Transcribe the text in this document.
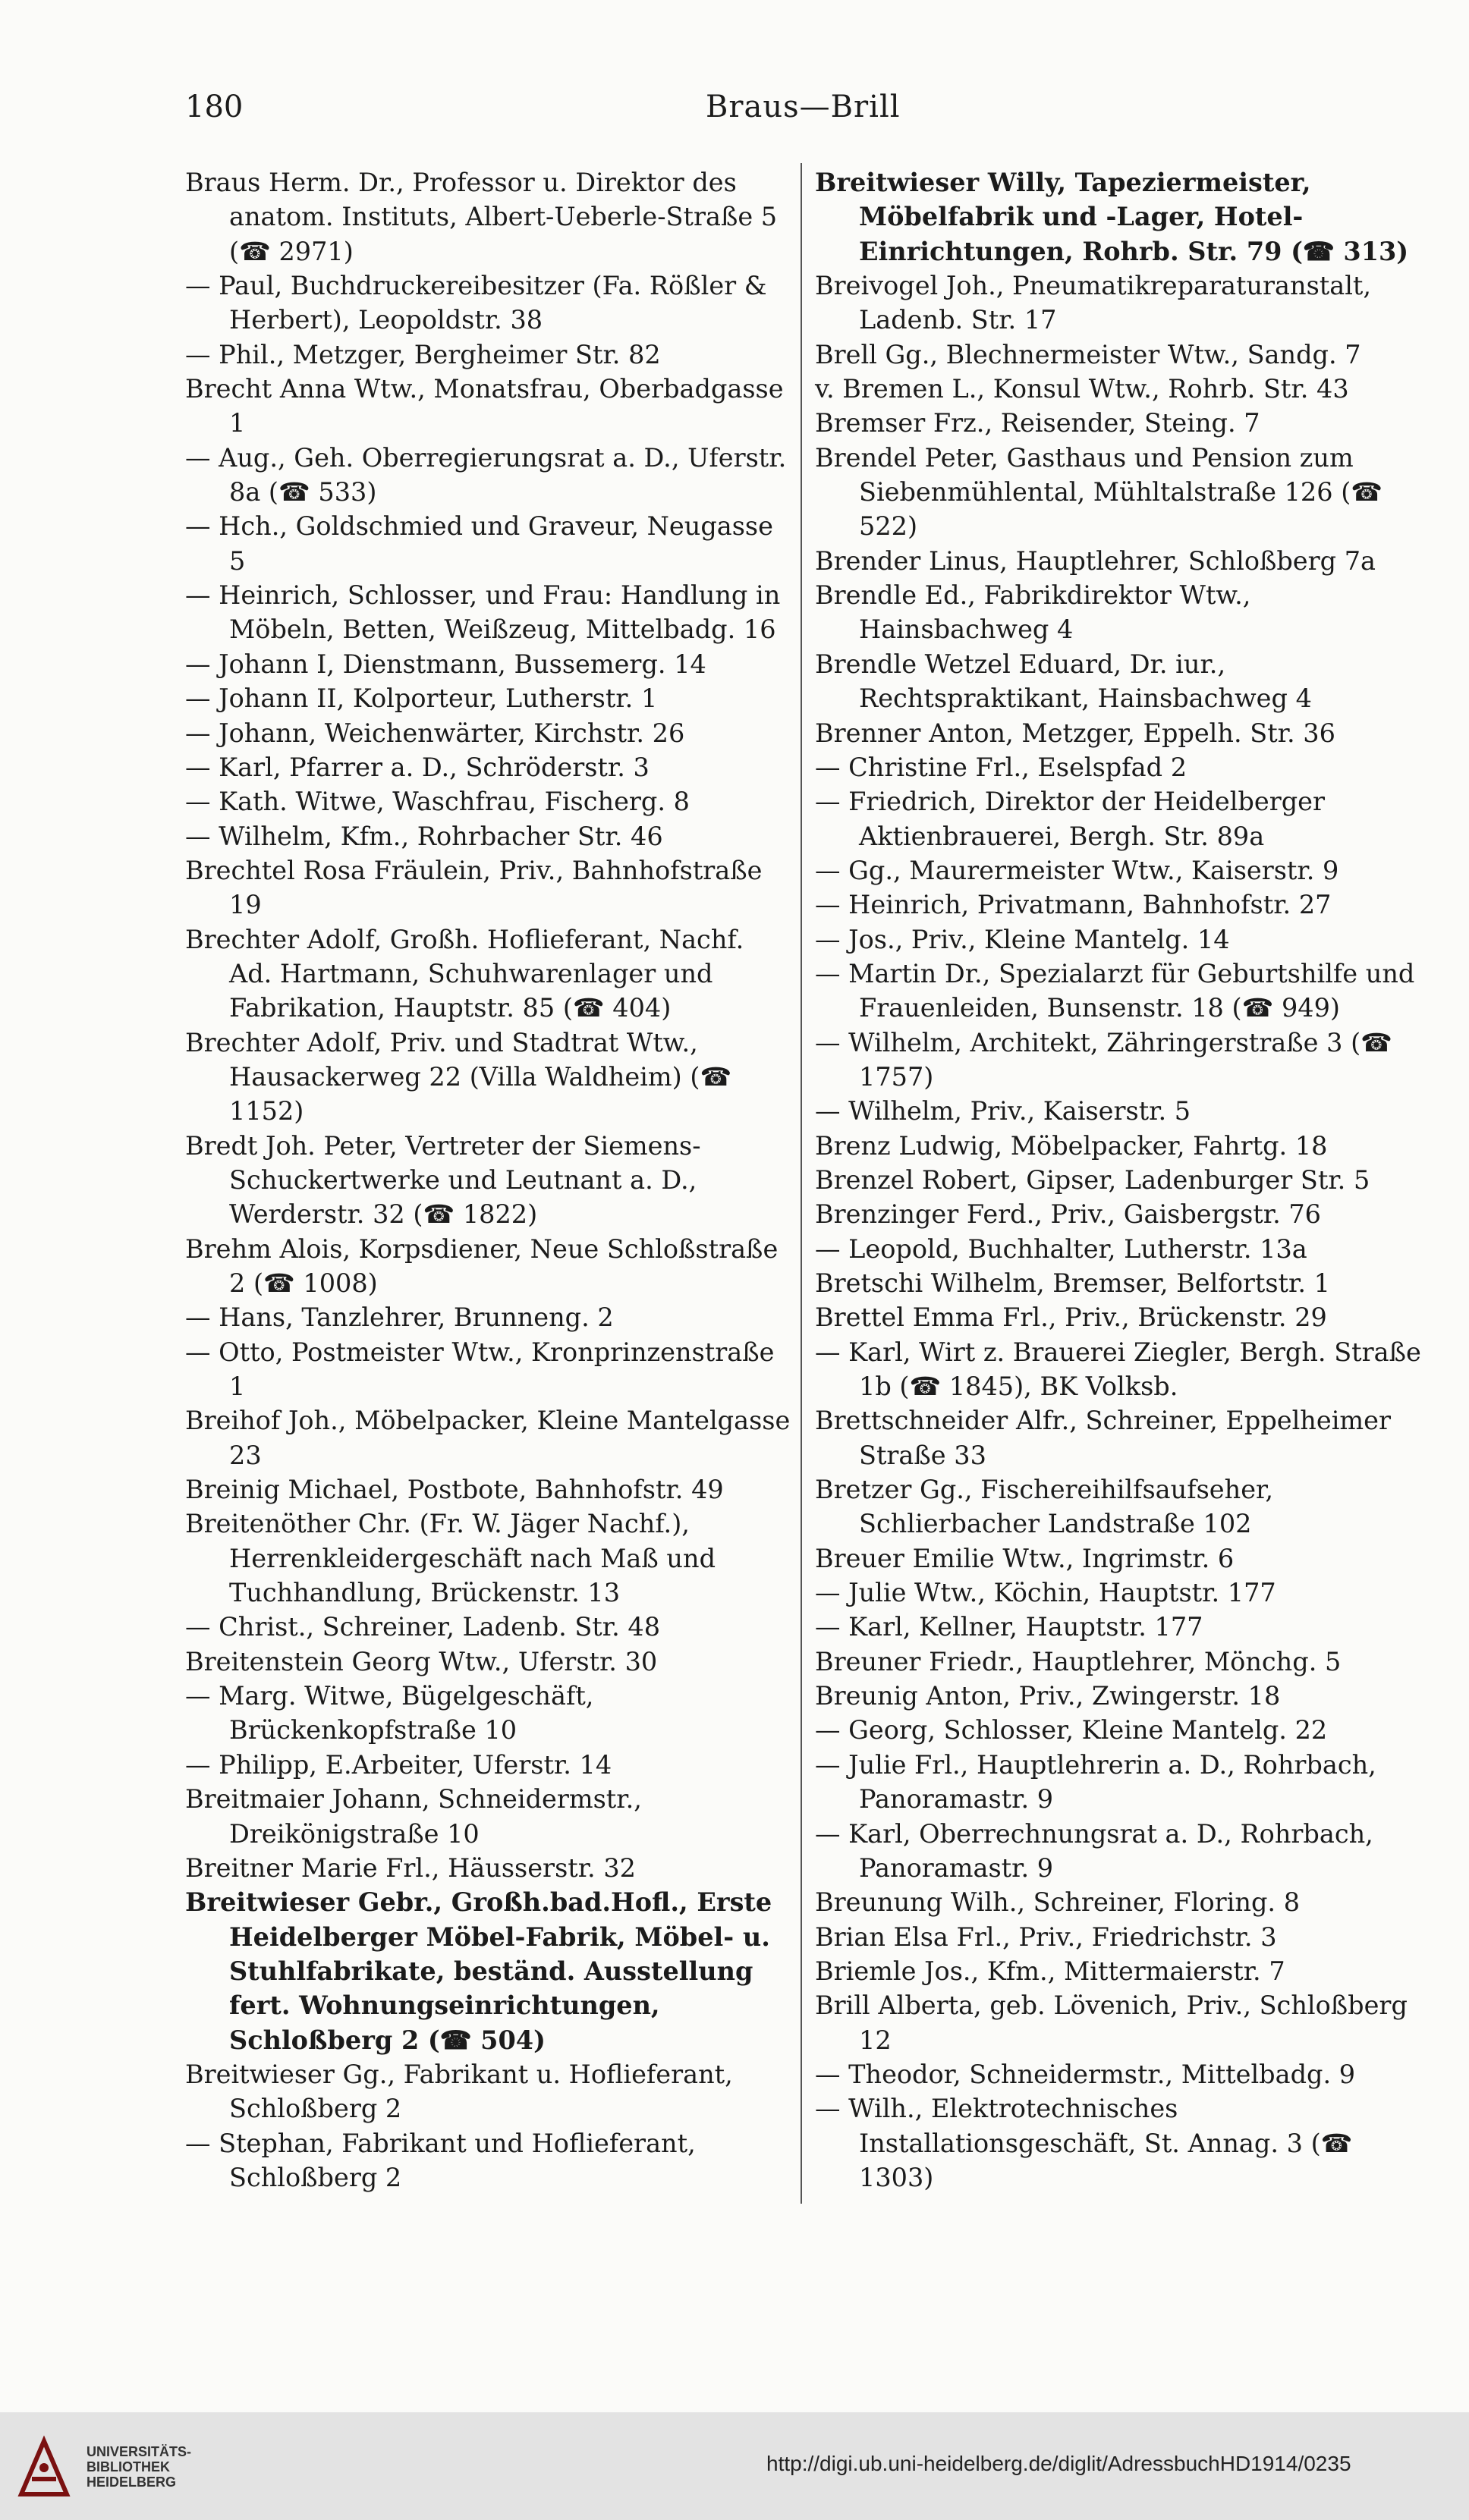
180	Braus—Brill

Braus Herm. Dr., Professor u. Direktor des anatom. Instituts, Albert-Ueberle-Straße 5 (☎ 2971)

— Paul, Buchdruckereibesitzer (Fa. Rößler & Herbert), Leopoldstr. 38

— Phil., Metzger, Bergheimer Str. 82

Brecht Anna Wtw., Monatsfrau, Oberbadgasse 1

— Aug., Geh. Oberregierungsrat a. D., Uferstr. 8a (☎ 533)

— Hch., Goldschmied und Graveur, Neugasse 5

— Heinrich, Schlosser, und Frau: Handlung in Möbeln, Betten, Weißzeug, Mittelbadg. 16

— Johann I, Dienstmann, Bussemerg. 14

— Johann II, Kolporteur, Lutherstr. 1

— Johann, Weichenwärter, Kirchstr. 26

— Karl, Pfarrer a. D., Schröderstr. 3

— Kath. Witwe, Waschfrau, Fischerg. 8

— Wilhelm, Kfm., Rohrbacher Str. 46

Brechtel Rosa Fräulein, Priv., Bahnhofstraße 19

Brechter Adolf, Großh. Hoflieferant, Nachf. Ad. Hartmann, Schuhwarenlager und Fabrikation, Hauptstr. 85 (☎ 404)

Brechter Adolf, Priv. und Stadtrat Wtw., Hausackerweg 22 (Villa Waldheim) (☎ 1152)

Bredt Joh. Peter, Vertreter der Siemens-Schuckertwerke und Leutnant a. D., Werderstr. 32 (☎ 1822)

Brehm Alois, Korpsdiener, Neue Schloßstraße 2 (☎ 1008)

— Hans, Tanzlehrer, Brunneng. 2

— Otto, Postmeister Wtw., Kronprinzenstraße 1

Breihof Joh., Möbelpacker, Kleine Mantelgasse 23

Breinig Michael, Postbote, Bahnhofstr. 49

Breitenöther Chr. (Fr. W. Jäger Nachf.), Herrenkleidergeschäft nach Maß und Tuchhandlung, Brückenstr. 13

— Christ., Schreiner, Ladenb. Str. 48

Breitenstein Georg Wtw., Uferstr. 30

— Marg. Witwe, Bügelgeschäft, Brückenkopfstraße 10

— Philipp, E.Arbeiter, Uferstr. 14

Breitmaier Johann, Schneidermstr., Dreikönigstraße 10

Breitner Marie Frl., Häusserstr. 32

Breitwieser Gebr., Großh.bad.Hofl., Erste Heidelberger Möbel-Fabrik, Möbel- u. Stuhlfabrikate, beständ. Ausstellung fert. Wohnungseinrichtungen, Schloßberg 2 (☎ 504)

Breitwieser Gg., Fabrikant u. Hoflieferant, Schloßberg 2

— Stephan, Fabrikant und Hoflieferant, Schloßberg 2

Breitwieser Willy, Tapeziermeister, Möbelfabrik und -Lager, Hotel-Einrichtungen, Rohrb. Str. 79 (☎ 313)

Breivogel Joh., Pneumatikreparaturanstalt, Ladenb. Str. 17

Brell Gg., Blechnermeister Wtw., Sandg. 7

v. Bremen L., Konsul Wtw., Rohrb. Str. 43

Bremser Frz., Reisender, Steing. 7

Brendel Peter, Gasthaus und Pension zum Siebenmühlental, Mühltalstraße 126 (☎ 522)

Brender Linus, Hauptlehrer, Schloßberg 7a

Brendle Ed., Fabrikdirektor Wtw., Hainsbachweg 4

Brendle Wetzel Eduard, Dr. iur., Rechtspraktikant, Hainsbachweg 4

Brenner Anton, Metzger, Eppelh. Str. 36

— Christine Frl., Eselspfad 2

— Friedrich, Direktor der Heidelberger Aktienbrauerei, Bergh. Str. 89a

— Gg., Maurermeister Wtw., Kaiserstr. 9

— Heinrich, Privatmann, Bahnhofstr. 27

— Jos., Priv., Kleine Mantelg. 14

— Martin Dr., Spezialarzt für Geburtshilfe und Frauenleiden, Bunsenstr. 18 (☎ 949)

— Wilhelm, Architekt, Zähringerstraße 3 (☎ 1757)

— Wilhelm, Priv., Kaiserstr. 5

Brenz Ludwig, Möbelpacker, Fahrtg. 18

Brenzel Robert, Gipser, Ladenburger Str. 5

Brenzinger Ferd., Priv., Gaisbergstr. 76

— Leopold, Buchhalter, Lutherstr. 13a

Bretschi Wilhelm, Bremser, Belfortstr. 1

Brettel Emma Frl., Priv., Brückenstr. 29

— Karl, Wirt z. Brauerei Ziegler, Bergh. Straße 1b (☎ 1845), BK Volksb.

Brettschneider Alfr., Schreiner, Eppelheimer Straße 33

Bretzer Gg., Fischereihilfsaufseher, Schlierbacher Landstraße 102

Breuer Emilie Wtw., Ingrimstr. 6

— Julie Wtw., Köchin, Hauptstr. 177

— Karl, Kellner, Hauptstr. 177

Breuner Friedr., Hauptlehrer, Mönchg. 5

Breunig Anton, Priv., Zwingerstr. 18

— Georg, Schlosser, Kleine Mantelg. 22

— Julie Frl., Hauptlehrerin a. D., Rohrbach, Panoramastr. 9

— Karl, Oberrechnungsrat a. D., Rohrbach, Panoramastr. 9

Breunung Wilh., Schreiner, Floring. 8

Brian Elsa Frl., Priv., Friedrichstr. 3

Briemle Jos., Kfm., Mittermaierstr. 7

Brill Alberta, geb. Lövenich, Priv., Schloßberg 12

— Theodor, Schneidermstr., Mittelbadg. 9

— Wilh., Elektrotechnisches Installationsgeschäft, St. Annag. 3 (☎ 1303)

UNIVERSITÄTS-
BIBLIOTHEK
HEIDELBERG
http://digi.ub.uni-heidelberg.de/diglit/AdressbuchHD1914/0235
